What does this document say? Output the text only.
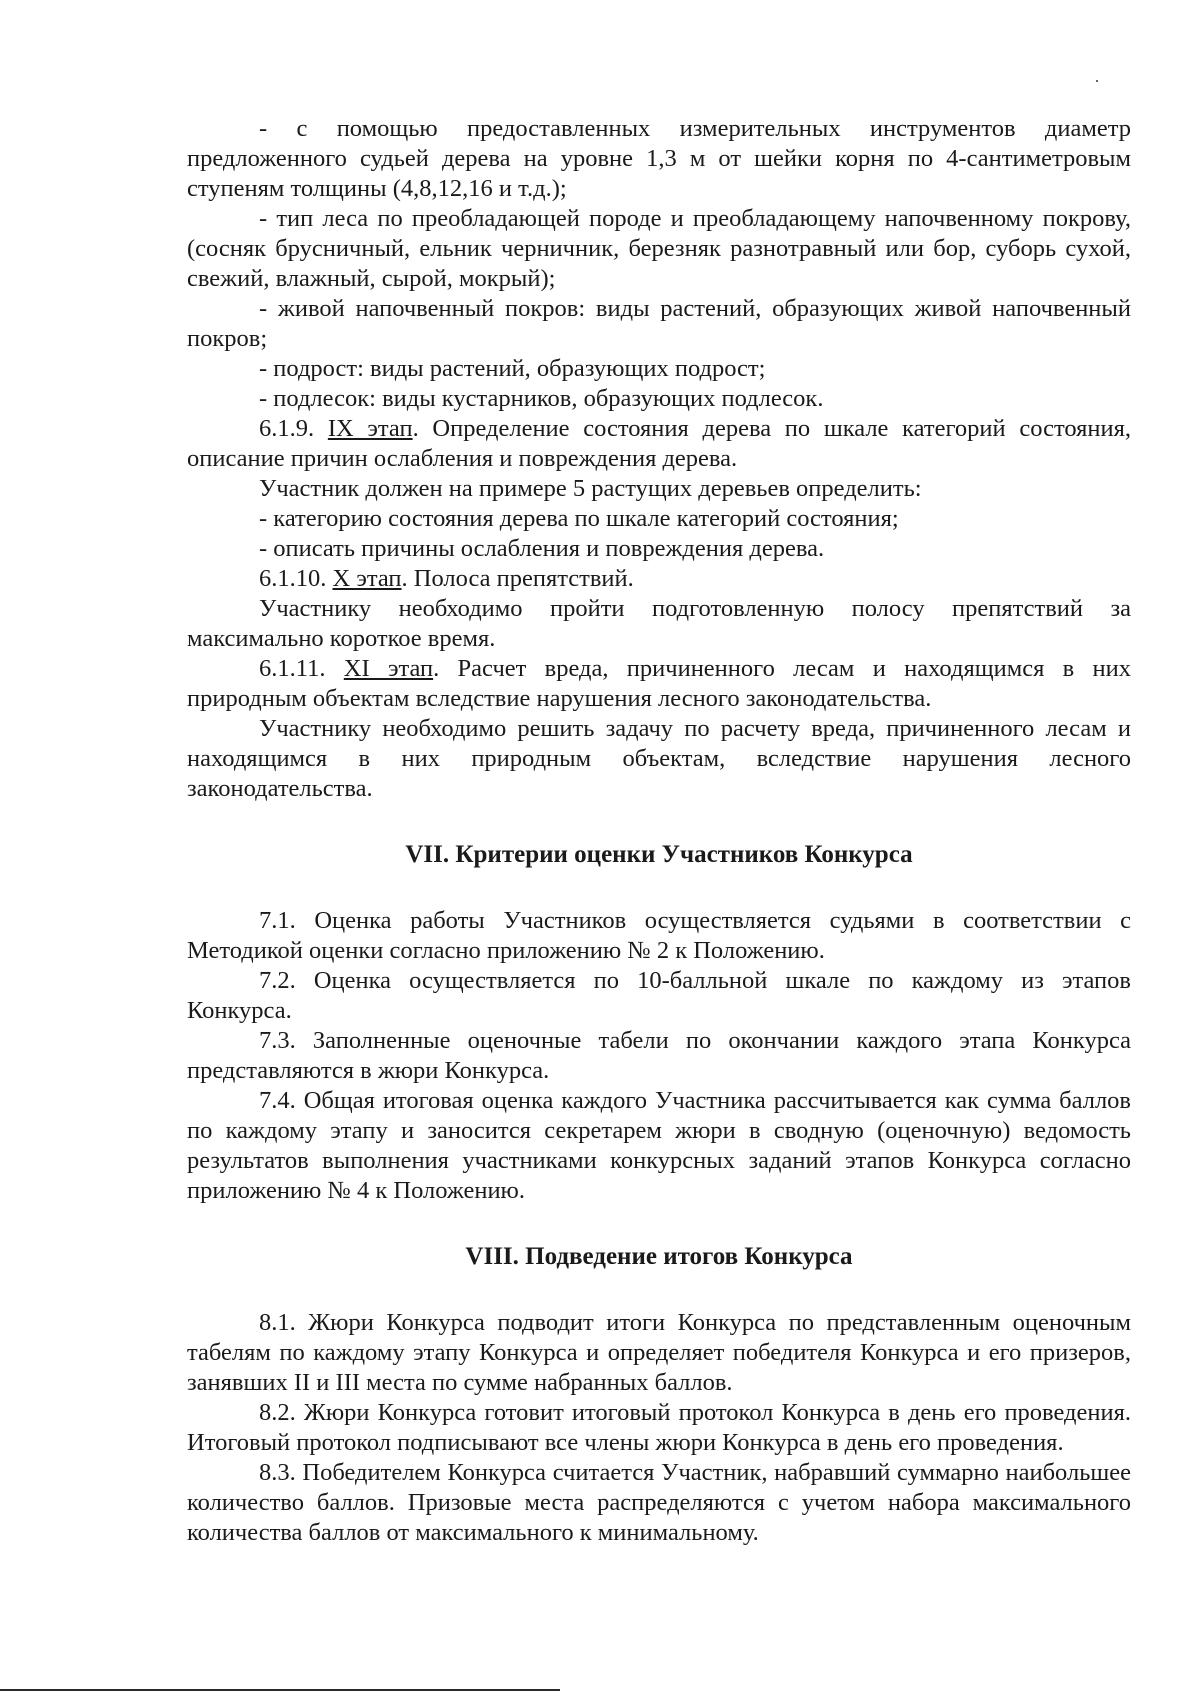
- с помощью предоставленных измерительных инструментов диаметр предложенного судьей дерева на уровне 1,3 м от шейки корня по 4-сантиметровым ступеням толщины (4,8,12,16 и т.д.);

- тип леса по преобладающей породе и преобладающему напочвенному покрову, (сосняк брусничный, ельник черничник, березняк разнотравный или бор, суборь сухой, свежий, влажный, сырой, мокрый);

- живой напочвенный покров: виды растений, образующих живой напочвенный покров;

- подрост: виды растений, образующих подрост;

- подлесок: виды кустарников, образующих подлесок.

6.1.9. IX этап. Определение состояния дерева по шкале категорий состояния, описание причин ослабления и повреждения дерева.

Участник должен на примере 5 растущих деревьев определить:

- категорию состояния дерева по шкале категорий состояния;

- описать причины ослабления и повреждения дерева.

6.1.10. X этап. Полоса препятствий.

Участнику необходимо пройти подготовленную полосу препятствий за максимально короткое время.

6.1.11. XI этап. Расчет вреда, причиненного лесам и находящимся в них природным объектам вследствие нарушения лесного законодательства.

Участнику необходимо решить задачу по расчету вреда, причиненного лесам и находящимся в них природным объектам, вследствие нарушения лесного законодательства.

VII. Критерии оценки Участников Конкурса

7.1. Оценка работы Участников осуществляется судьями в соответствии с Методикой оценки согласно приложению № 2 к Положению.

7.2. Оценка осуществляется по 10-балльной шкале по каждому из этапов Конкурса.

7.3. Заполненные оценочные табели по окончании каждого этапа Конкурса представляются в жюри Конкурса.

7.4. Общая итоговая оценка каждого Участника рассчитывается как сумма баллов по каждому этапу и заносится секретарем жюри в сводную (оценочную) ведомость результатов выполнения участниками конкурсных заданий этапов Конкурса согласно приложению № 4 к Положению.

VIII. Подведение итогов Конкурса

8.1. Жюри Конкурса подводит итоги Конкурса по представленным оценочным табелям по каждому этапу Конкурса и определяет победителя Конкурса и его призеров, занявших II и III места по сумме набранных баллов.

8.2. Жюри Конкурса готовит итоговый протокол Конкурса в день его проведения. Итоговый протокол подписывают все члены жюри Конкурса в день его проведения.

8.3. Победителем Конкурса считается Участник, набравший суммарно наибольшее количество баллов. Призовые места распределяются с учетом набора максимального количества баллов от максимального к минимальному.
